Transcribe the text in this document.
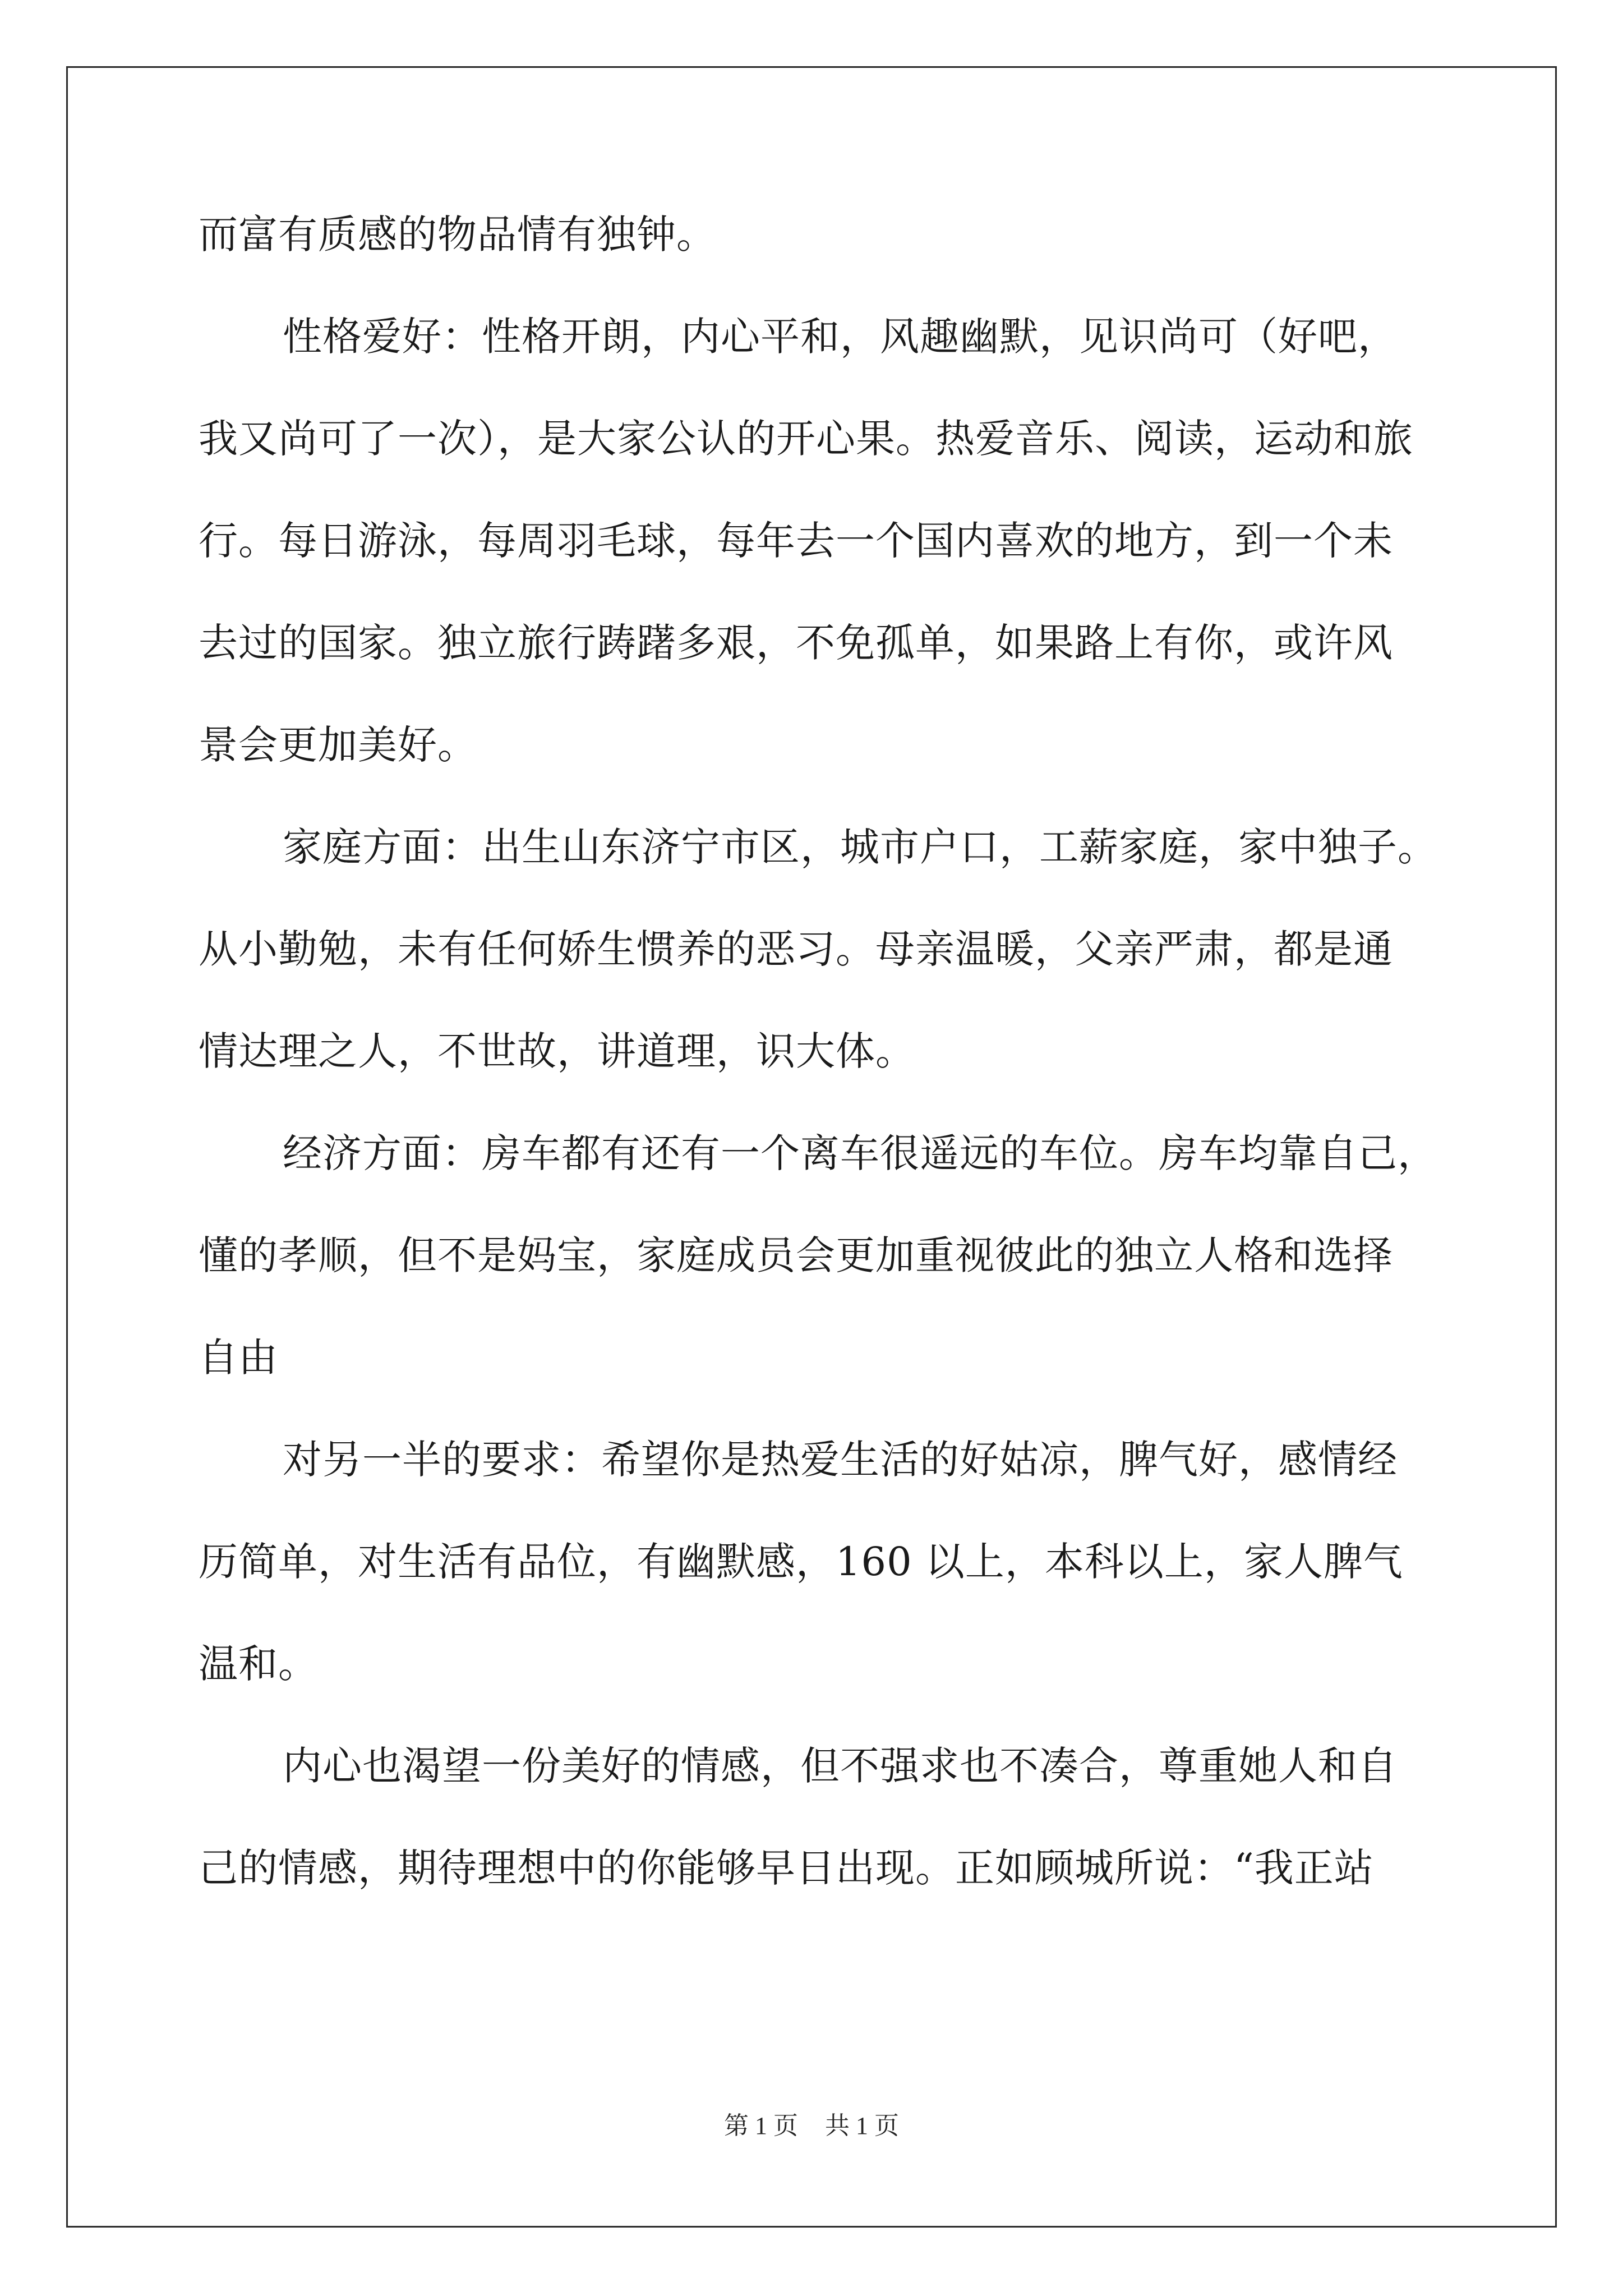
而富有质感的物品情有独钟。
性格爱好：性格开朗，内心平和，风趣幽默，见识尚可（好吧，
我又尚可了一次），是大家公认的开心果。热爱音乐、阅读，运动和旅
行。每日游泳，每周羽毛球，每年去一个国内喜欢的地方，到一个未
去过的国家。独立旅行踌躇多艰，不免孤单，如果路上有你，或许风
景会更加美好。
家庭方面：出生山东济宁市区，城市户口，工薪家庭，家中独子。
从小勤勉，未有任何娇生惯养的恶习。母亲温暖，父亲严肃，都是通
情达理之人，不世故，讲道理，识大体。
经济方面：房车都有还有一个离车很遥远的车位。房车均靠自己，
懂的孝顺，但不是妈宝，家庭成员会更加重视彼此的独立人格和选择
自由
对另一半的要求：希望你是热爱生活的好姑凉，脾气好，感情经
历简单，对生活有品位，有幽默感，160 以上，本科以上，家人脾气
温和。
内心也渴望一份美好的情感，但不强求也不凑合，尊重她人和自
己的情感，期待理想中的你能够早日出现。正如顾城所说：“我正站
第 1 页 共 1 页
